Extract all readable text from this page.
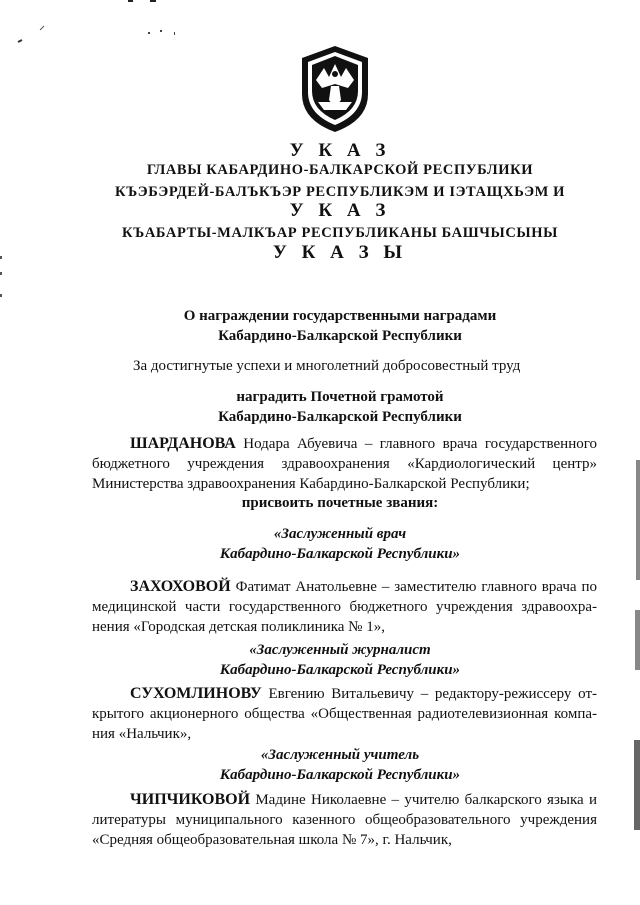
У К А З
ГЛАВЫ КАБАРДИНО-БАЛКАРСКОЙ РЕСПУБЛИКИ
КЪЭБЭРДЕЙ-БАЛЪКЪЭР РЕСПУБЛИКЭМ И ІЭТАЩХЬЭМ И
У К А З
КЪАБАРТЫ-МАЛКЪАР РЕСПУБЛИКАНЫ БАШЧЫСЫНЫ
У К А З Ы
О награждении государственными наградами
Кабардино-Балкарской Республики
За достигнутые успехи и многолетний добросовестный труд
наградить Почетной грамотой
Кабардино-Балкарской Республики

ШАРДАНОВА Нодара Абуевича – главного врача государственного бюджетного учреждения здравоохранения «Кардиологический центр» Министерства здравоохранения Кабардино-Балкарской Республики;

присвоить почетные звания:
«Заслуженный врач
Кабардино-Балкарской Республики»

ЗАХОХОВОЙ Фатимат Анатольевне – заместителю главного врача по медицинской части государственного бюджетного учреждения здравоохра-нения «Городская детская поликлиника № 1»,

«Заслуженный журналист
Кабардино-Балкарской Республики»

СУХОМЛИНОВУ Евгению Витальевичу – редактору-режиссеру от-крытого акционерного общества «Общественная радиотелевизионная компа-ния «Нальчик»,

«Заслуженный учитель
Кабардино-Балкарской Республики»

ЧИПЧИКОВОЙ Мадине Николаевне – учителю балкарского языка и литературы муниципального казенного общеобразовательного учреждения «Средняя общеобразовательная школа № 7», г. Нальчик,
